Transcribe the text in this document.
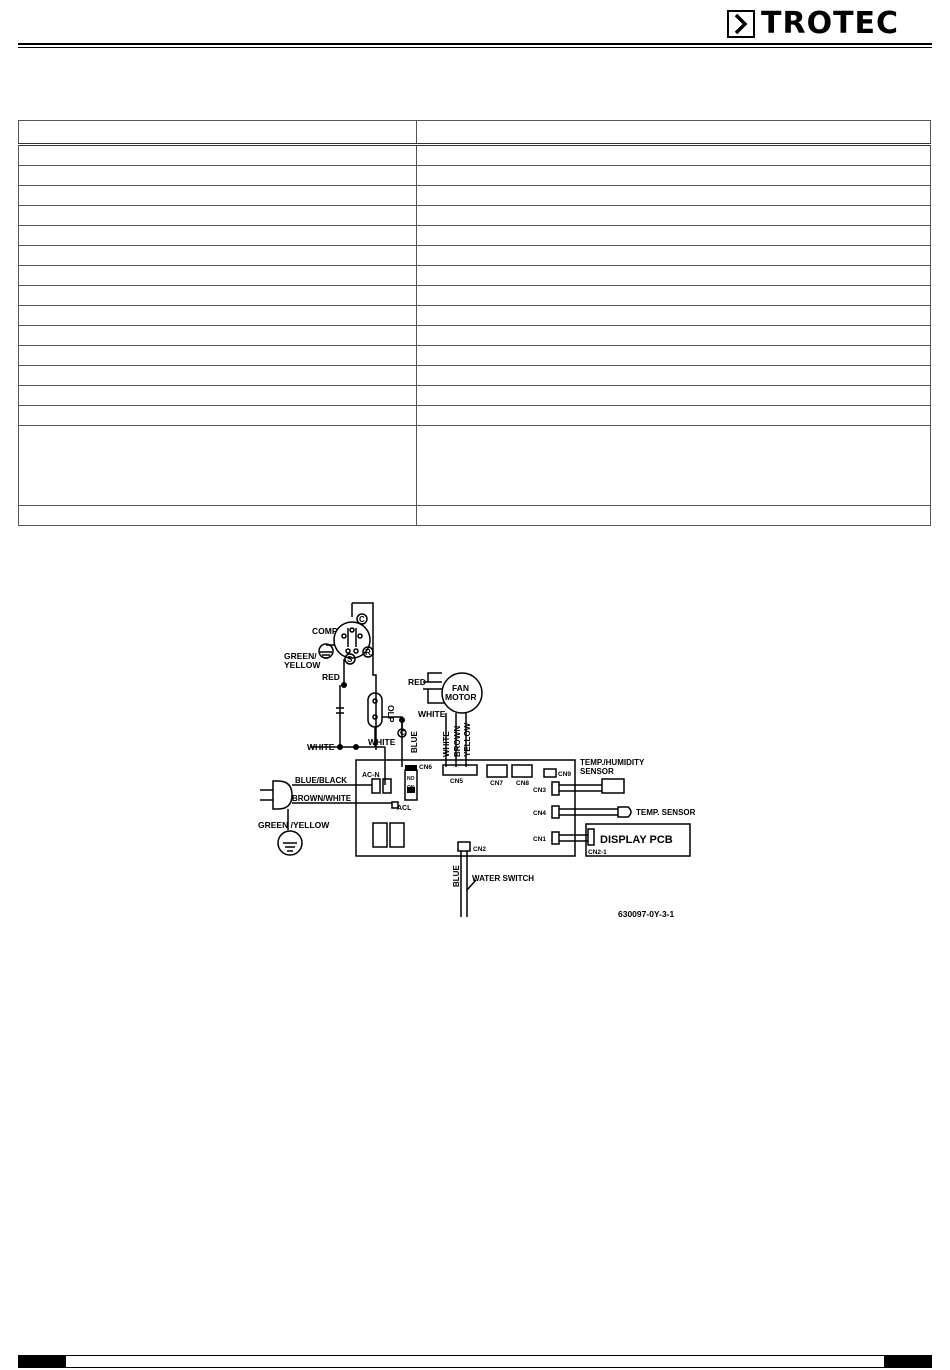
TROTEC

C
R
S
COMP
GREEN/
YELLOW
RED
WHITE	WHITE
RED
WHITE
FAN
MOTOR
OLP
C BLUE	WHITE BROWN YELLOW
CN6
CN5	CN7 CN8
CN9
CN3
CN4
CN1
CN2	CN2-1
AC-N
ACL
NO
ON
BLUE/BLACK
BROWN/WHITE
GREEN /YELLOW
TEMP./HUMIDITY
SENSOR
TEMP. SENSOR
DISPLAY PCB
BLUE WATER SWITCH
630097-0Y-3-1
